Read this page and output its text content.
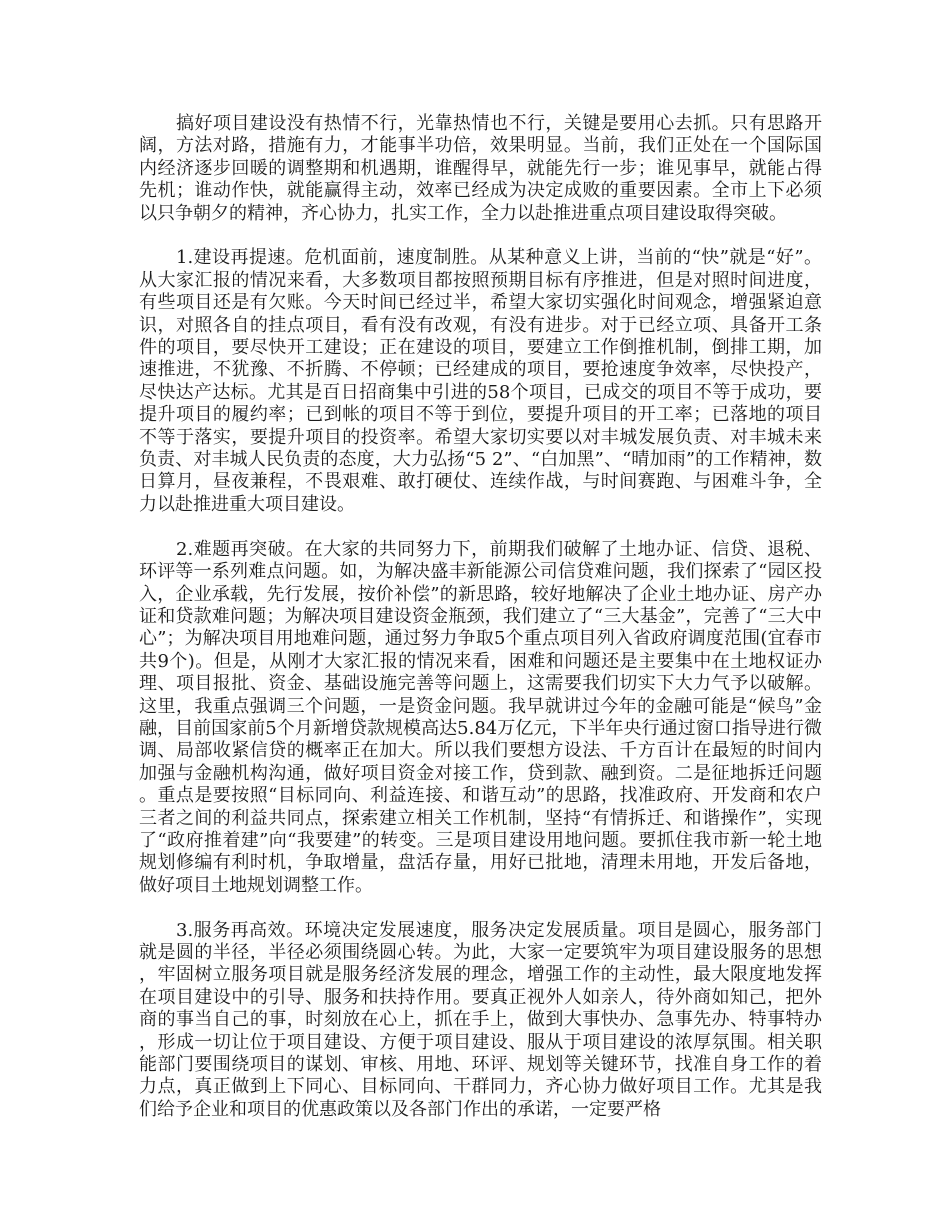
搞好项目建设没有热情不行，光靠热情也不行，关键是要用心去抓。只有思路开阔，方法对路，措施有力，才能事半功倍，效果明显。当前，我们正处在一个国际国内经济逐步回暖的调整期和机遇期，谁醒得早，就能先行一步；谁见事早，就能占得先机；谁动作快，就能赢得主动，效率已经成为决定成败的重要因素。全市上下必须以只争朝夕的精神，齐心协力，扎实工作，全力以赴推进重点项目建设取得突破。

1.建设再提速。危机面前，速度制胜。从某种意义上讲，当前的“快”就是“好”。从大家汇报的情况来看，大多数项目都按照预期目标有序推进，但是对照时间进度，有些项目还是有欠账。今天时间已经过半，希望大家切实强化时间观念，增强紧迫意识，对照各自的挂点项目，看有没有改观，有没有进步。对于已经立项、具备开工条件的项目，要尽快开工建设；正在建设的项目，要建立工作倒推机制，倒排工期，加速推进，不犹豫、不折腾、不停顿；已经建成的项目，要抢速度争效率，尽快投产，尽快达产达标。尤其是百日招商集中引进的58个项目，已成交的项目不等于成功，要提升项目的履约率；已到帐的项目不等于到位，要提升项目的开工率；已落地的项目不等于落实，要提升项目的投资率。希望大家切实要以对丰城发展负责、对丰城未来负责、对丰城人民负责的态度，大力弘扬“5 2”、“白加黑”、“晴加雨”的工作精神，数日算月，昼夜兼程，不畏艰难、敢打硬仗、连续作战，与时间赛跑、与困难斗争，全力以赴推进重大项目建设。

2.难题再突破。在大家的共同努力下，前期我们破解了土地办证、信贷、退税、环评等一系列难点问题。如，为解决盛丰新能源公司信贷难问题，我们探索了“园区投入，企业承载，先行发展，按价补偿”的新思路，较好地解决了企业土地办证、房产办证和贷款难问题；为解决项目建设资金瓶颈，我们建立了“三大基金”，完善了“三大中心”；为解决项目用地难问题，通过努力争取5个重点项目列入省政府调度范围(宜春市共9个)。但是，从刚才大家汇报的情况来看，困难和问题还是主要集中在土地权证办理、项目报批、资金、基础设施完善等问题上，这需要我们切实下大力气予以破解。这里，我重点强调三个问题，一是资金问题。我早就讲过今年的金融可能是“候鸟”金融，目前国家前5个月新增贷款规模高达5.84万亿元，下半年央行通过窗口指导进行微调、局部收紧信贷的概率正在加大。所以我们要想方设法、千方百计在最短的时间内加强与金融机构沟通，做好项目资金对接工作，贷到款、融到资。二是征地拆迁问题。重点是要按照“目标同向、利益连接、和谐互动”的思路，找准政府、开发商和农户三者之间的利益共同点，探索建立相关工作机制，坚持“有情拆迁、和谐操作”，实现了“政府推着建”向“我要建”的转变。三是项目建设用地问题。要抓住我市新一轮土地规划修编有利时机，争取增量，盘活存量，用好已批地，清理未用地，开发后备地，做好项目土地规划调整工作。

3.服务再高效。环境决定发展速度，服务决定发展质量。项目是圆心，服务部门就是圆的半径，半径必须围绕圆心转。为此，大家一定要筑牢为项目建设服务的思想，牢固树立服务项目就是服务经济发展的理念，增强工作的主动性，最大限度地发挥在项目建设中的引导、服务和扶持作用。要真正视外人如亲人，待外商如知己，把外商的事当自己的事，时刻放在心上，抓在手上，做到大事快办、急事先办、特事特办，形成一切让位于项目建设、方便于项目建设、服从于项目建设的浓厚氛围。相关职能部门要围绕项目的谋划、审核、用地、环评、规划等关键环节，找准自身工作的着力点，真正做到上下同心、目标同向、干群同力，齐心协力做好项目工作。尤其是我们给予企业和项目的优惠政策以及各部门作出的承诺，一定要严格
